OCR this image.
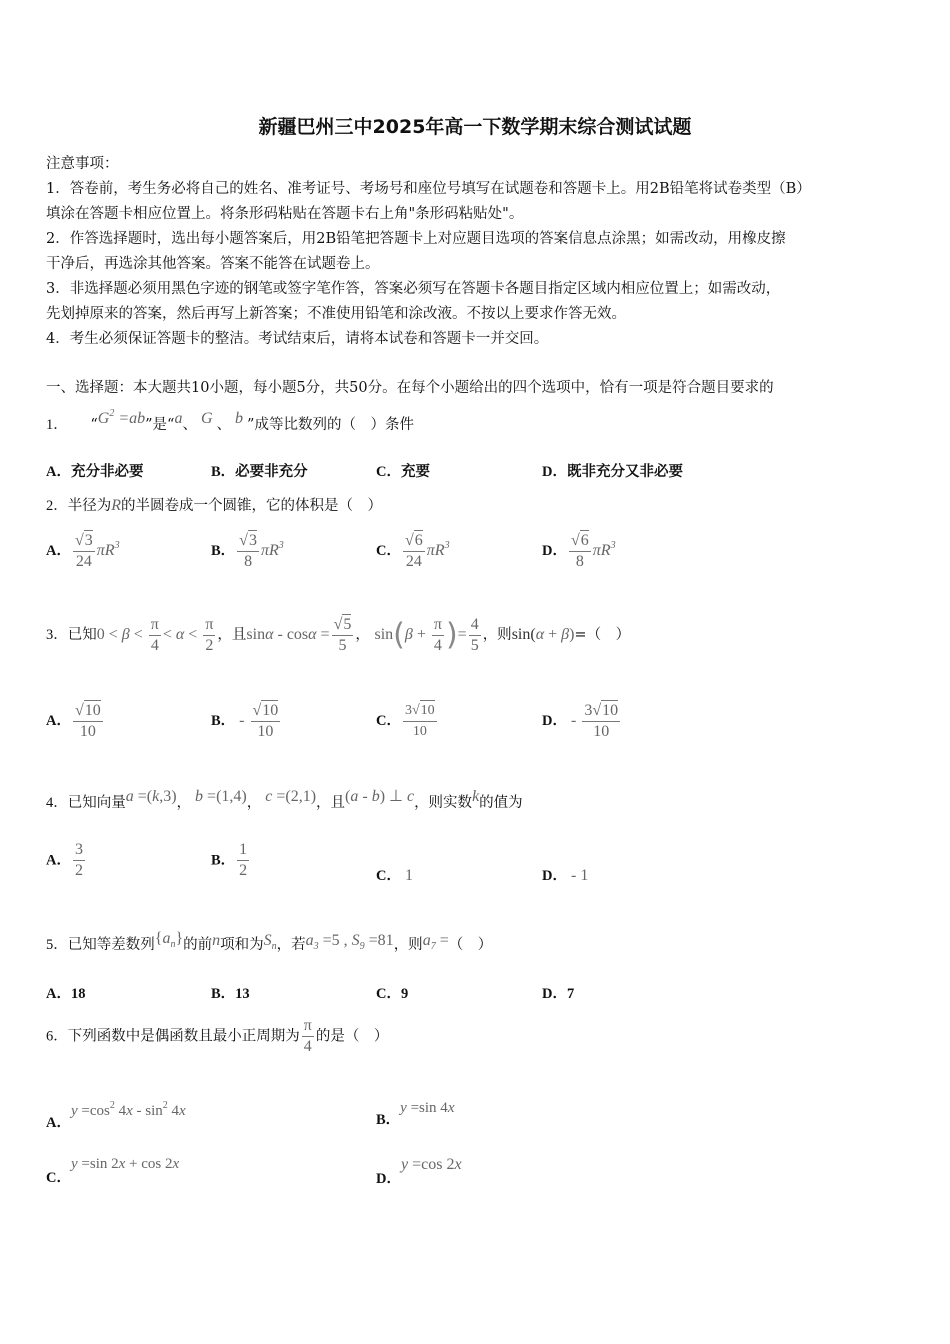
新疆巴州三中2025年高一下数学期末综合测试试题
注意事项：
1．答卷前，考生务必将自己的姓名、准考证号、考场号和座位号填写在试题卷和答题卡上。用2B铅笔将试卷类型（B）
填涂在答题卡相应位置上。将条形码粘贴在答题卡右上角"条形码粘贴处"。
2．作答选择题时，选出每小题答案后，用2B铅笔把答题卡上对应题目选项的答案信息点涂黑；如需改动，用橡皮擦
干净后，再选涂其他答案。答案不能答在试题卷上。
3．非选择题必须用黑色字迹的钢笔或签字笔作答，答案必须写在答题卡各题目指定区域内相应位置上；如需改动，
先划掉原来的答案，然后再写上新答案；不准使用铅笔和涂改液。不按以上要求作答无效。
4．考生必须保证答题卡的整洁。考试结束后，请将本试卷和答题卡一并交回。
一、选择题：本大题共10小题，每小题5分，共50分。在每个小题给出的四个选项中，恰有一项是符合题目要求的
1． “$G^2 =ab$”是“a、 G 、 b ”成等比数列的（　）条件
A．充分非必要	B．必要非充分	C．充要	D．既非充分又非必要
2．半径为R的半圆卷成一个圆锥，它的体积是（　）
A． $\frac{√3}{24} \pi R^3$	B． $\frac{√3}{8} \pi R^3$	C． $\frac{√6}{24} \pi R^3$	D． $\frac{√6}{8} \pi R^3$
3．已知$0 < \beta < \frac{\pi}{4} < \alpha < \frac{\pi}{2}$ ，且$\sin\alpha - \cos\alpha = \frac{√5}{5}$ ， $\sin(\beta + \frac{\pi}{4}$ )= $\frac{4}{5}$ ，则sin(α + β)=（　）
A． $\frac{√10}{10}$	B． - $\frac{√10}{10}$	C． $\frac{3√10}{10}$	D． - $\frac{3√10}{10}$
4．已知向量a =(k,3)， b =(1,4)， c =(2,1)，且(a - b) ⊥ c，则实数k的值为
A． $\frac{3}{2}$	B． $\frac{1}{2}$	C． 1	D． - 1
5．已知等差数列$\{a_n\}$的前n项和为$S_n$，若$a_3 =5$ , $S_9 =81$，则$a_7$ =（　）
A．18	B．13	C．9	D．7
6．下列函数中是偶函数且最小正周期为 $\frac{\pi}{4}$ 的是（　）
A．$y =\cos^2$ $4x - \sin^2 4x$
B．y =sin 4x
C．y =sin 2x + cos 2x
D．y =cos 2x
